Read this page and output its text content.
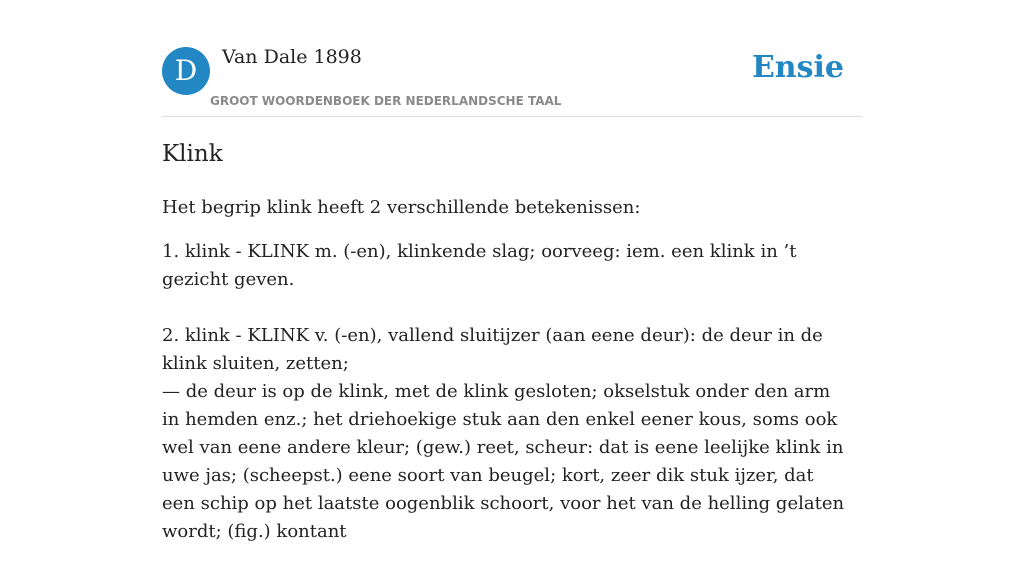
D	Van Dale 1898
GROOT WOORDENBOEK DER NEDERLANDSCHE TAAL
Ensie
Klink

Het begrip klink heeft 2 verschillende betekenissen:

1. klink - KLINK m. (-en), klinkende slag; oorveeg: iem. een klink in ’t gezicht geven.

2. klink - KLINK v. (-en), vallend sluitijzer (aan eene deur): de deur in de klink sluiten, zetten;

— de deur is op de klink, met de klink gesloten; okselstuk onder den arm in hemden enz.; het driehoekige stuk aan den enkel eener kous, soms ook wel van eene andere kleur; (gew.) reet, scheur: dat is eene leelijke klink in uwe jas; (scheepst.) eene soort van beugel; kort, zeer dik stuk ijzer, dat een schip op het laatste oogenblik schoort, voor het van de helling gelaten wordt; (fig.) kontant
